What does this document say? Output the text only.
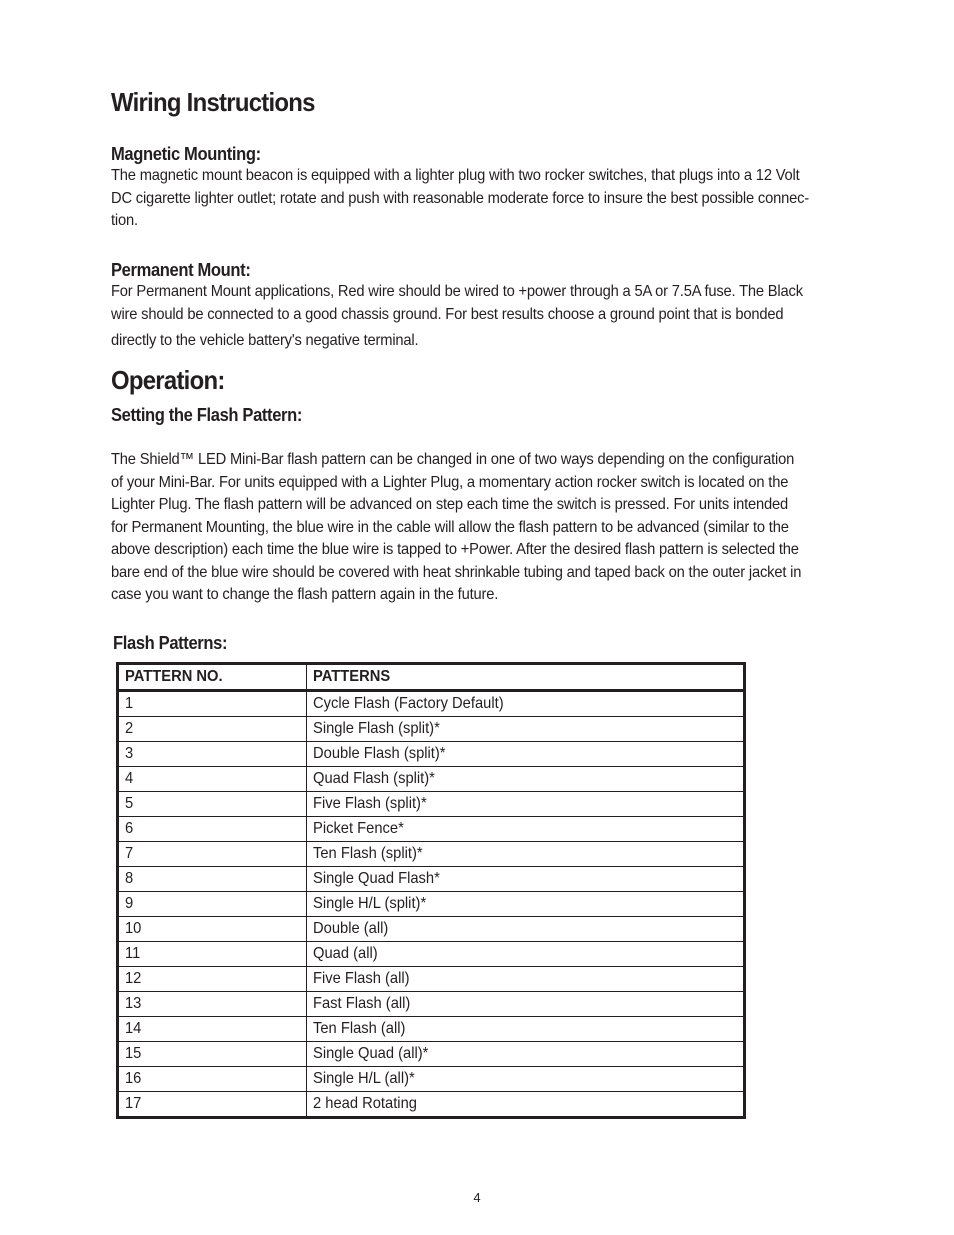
Wiring Instructions
Magnetic Mounting:
The magnetic mount beacon is equipped with a lighter plug with two rocker switches, that plugs into a 12 Volt
DC cigarette lighter outlet; rotate and push with reasonable moderate force to insure the best possible connec-
tion.
Permanent Mount:
For Permanent Mount applications, Red wire should be wired to +power through a 5A or 7.5A fuse. The Black
wire should be connected to a good chassis ground. For best results choose a ground point that is bonded
directly to the vehicle battery's negative terminal.
Operation:
Setting the Flash Pattern:
The Shield™ LED Mini-Bar flash pattern can be changed in one of two ways depending on the configuration
of your Mini-Bar. For units equipped with a Lighter Plug, a momentary action rocker switch is located on the
Lighter Plug. The flash pattern will be advanced on step each time the switch is pressed. For units intended
for Permanent Mounting, the blue wire in the cable will allow the flash pattern to be advanced (similar to the
above description) each time the blue wire is tapped to +Power. After the desired flash pattern is selected the
bare end of the blue wire should be covered with heat shrinkable tubing and taped back on the outer jacket in
case you want to change the flash pattern again in the future.
Flash Patterns:
PATTERN NO.	PATTERNS
1	Cycle Flash (Factory Default)
2	Single Flash (split)*
3	Double Flash (split)*
4	Quad Flash (split)*
5	Five Flash (split)*
6	Picket Fence*
7	Ten Flash (split)*
8	Single Quad Flash*
9	Single H/L (split)*
10	Double (all)
11	Quad (all)
12	Five Flash (all)
13	Fast Flash (all)
14	Ten Flash (all)
15	Single Quad (all)*
16	Single H/L (all)*
17	2 head Rotating
4
